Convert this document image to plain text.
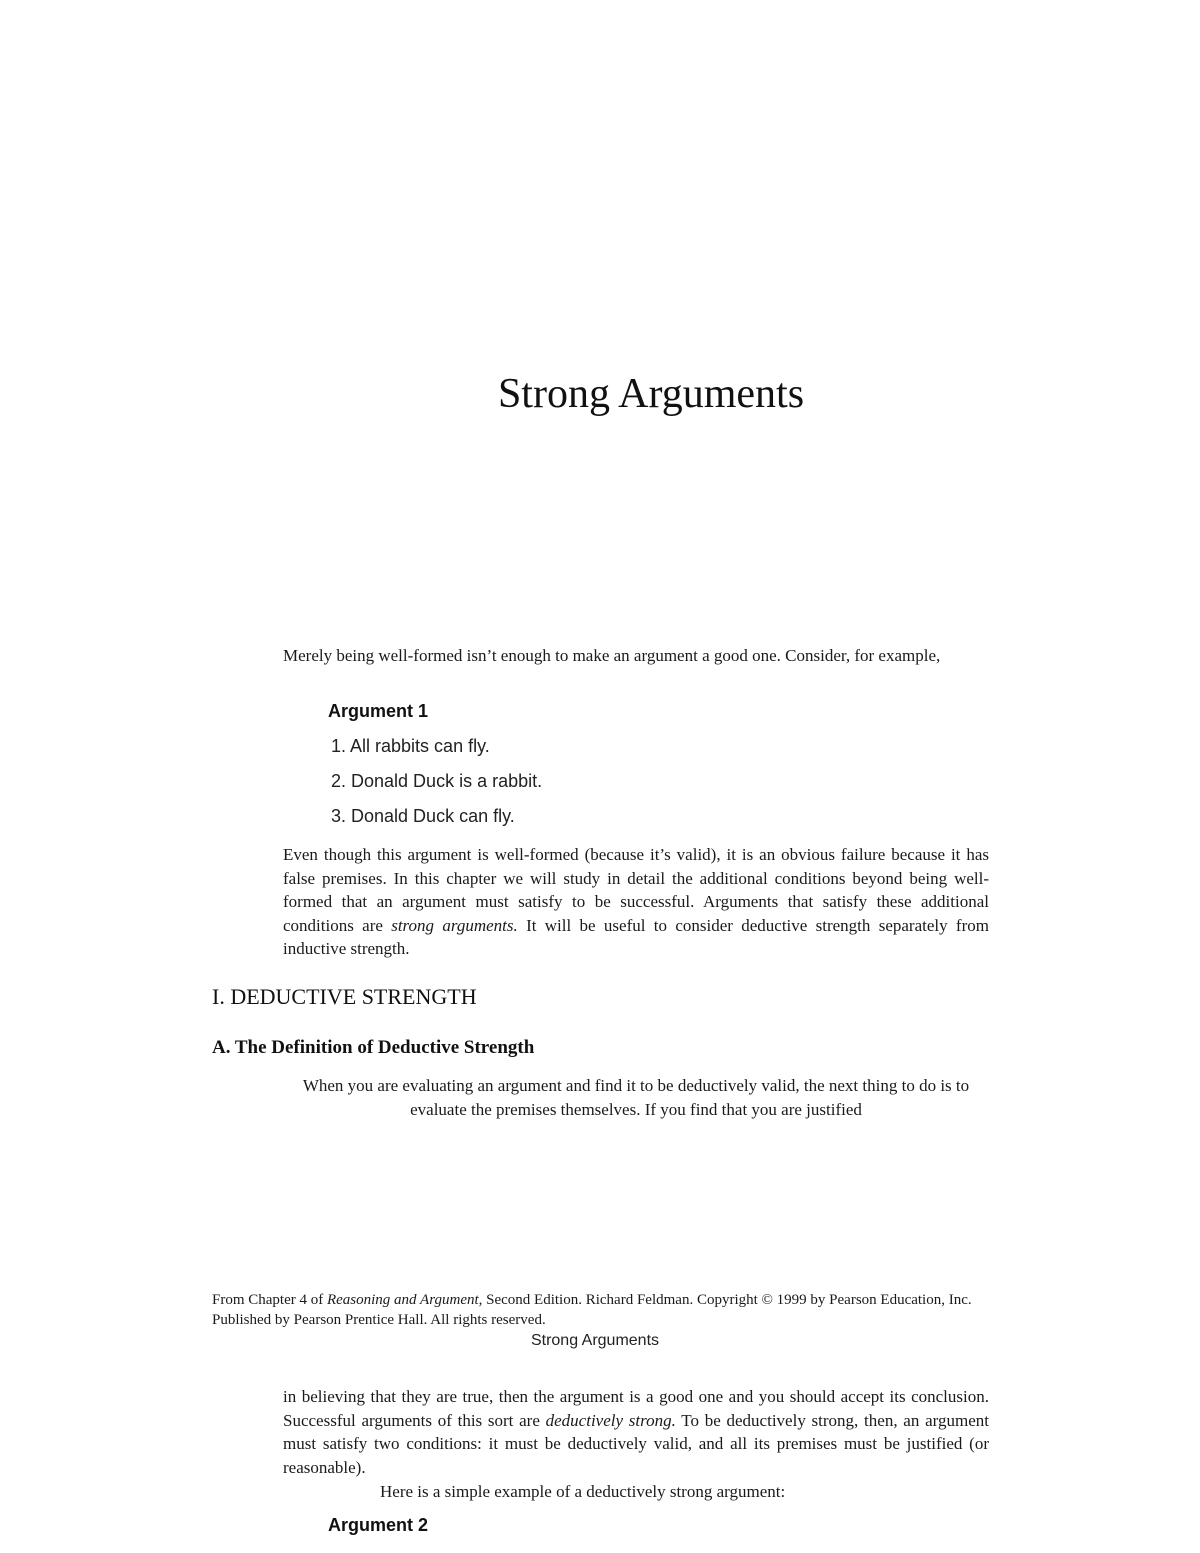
Strong Arguments

Merely being well-formed isn’t enough to make an argument a good one. Consider, for example,

Argument 1
1. All rabbits can fly.
2. Donald Duck is a rabbit.
3. Donald Duck can fly.

Even though this argument is well-formed (because it’s valid), it is an obvious failure because it has false premises. In this chapter we will study in detail the additional conditions beyond being well-formed that an argument must satisfy to be successful. Arguments that satisfy these additional conditions are strong arguments. It will be useful to consider deductive strength separately from inductive strength.

I. DEDUCTIVE STRENGTH
A. The Definition of Deductive Strength

When you are evaluating an argument and find it to be deductively valid, the next thing to do is to evaluate the premises themselves. If you find that you are justified

From Chapter 4 of Reasoning and Argument, Second Edition. Richard Feldman. Copyright © 1999 by Pearson Education, Inc. Published by Pearson Prentice Hall. All rights reserved.

Strong Arguments

in believing that they are true, then the argument is a good one and you should accept its conclusion. Successful arguments of this sort are deductively strong. To be deductively strong, then, an argument must satisfy two conditions: it must be deductively valid, and all its premises must be justified (or reasonable).

Here is a simple example of a deductively strong argument:

Argument 2
